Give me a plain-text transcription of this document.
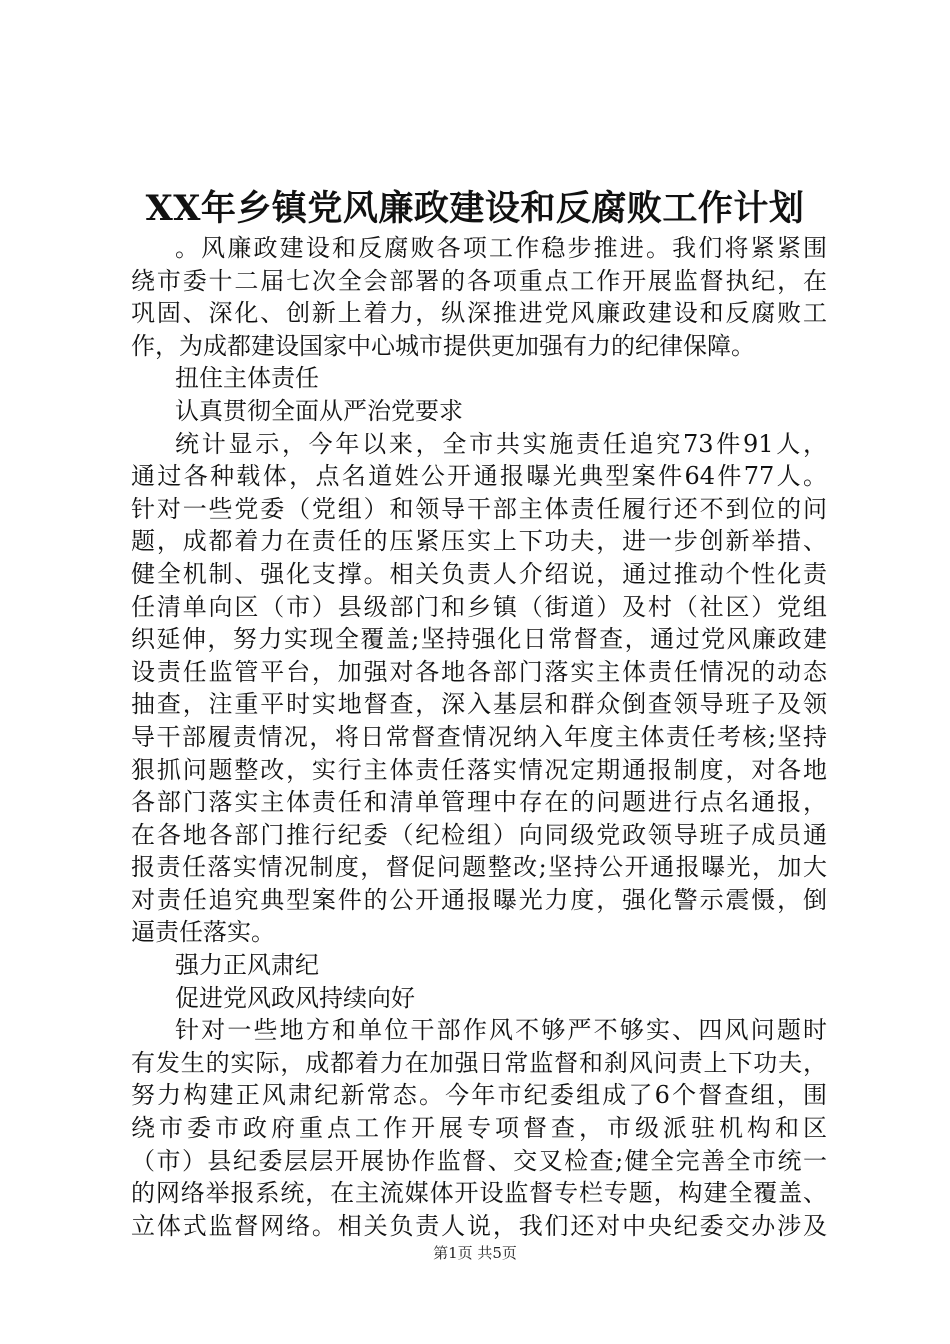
XX年乡镇党风廉政建设和反腐败工作计划
。风廉政建设和反腐败各项工作稳步推进。我们将紧紧围
绕市委十二届七次全会部署的各项重点工作开展监督执纪，在
巩固、深化、创新上着力，纵深推进党风廉政建设和反腐败工
作，为成都建设国家中心城市提供更加强有力的纪律保障。
扭住主体责任
认真贯彻全面从严治党要求
统计显示，今年以来，全市共实施责任追究73件91人，
通过各种载体，点名道姓公开通报曝光典型案件64件77人。
针对一些党委（党组）和领导干部主体责任履行还不到位的问
题，成都着力在责任的压紧压实上下功夫，进一步创新举措、
健全机制、强化支撑。相关负责人介绍说，通过推动个性化责
任清单向区（市）县级部门和乡镇（街道）及村（社区）党组
织延伸，努力实现全覆盖;坚持强化日常督查，通过党风廉政建
设责任监管平台，加强对各地各部门落实主体责任情况的动态
抽查，注重平时实地督查，深入基层和群众倒查领导班子及领
导干部履责情况，将日常督查情况纳入年度主体责任考核;坚持
狠抓问题整改，实行主体责任落实情况定期通报制度，对各地
各部门落实主体责任和清单管理中存在的问题进行点名通报，
在各地各部门推行纪委（纪检组）向同级党政领导班子成员通
报责任落实情况制度，督促问题整改;坚持公开通报曝光，加大
对责任追究典型案件的公开通报曝光力度，强化警示震慑，倒
逼责任落实。
强力正风肃纪
促进党风政风持续向好
针对一些地方和单位干部作风不够严不够实、四风问题时
有发生的实际，成都着力在加强日常监督和刹风问责上下功夫，
努力构建正风肃纪新常态。今年市纪委组成了6个督查组，围
绕市委市政府重点工作开展专项督查，市级派驻机构和区
（市）县纪委层层开展协作监督、交叉检查;健全完善全市统一
的网络举报系统，在主流媒体开设监督专栏专题，构建全覆盖、
立体式监督网络。相关负责人说，我们还对中央纪委交办涉及
第1页 共5页
